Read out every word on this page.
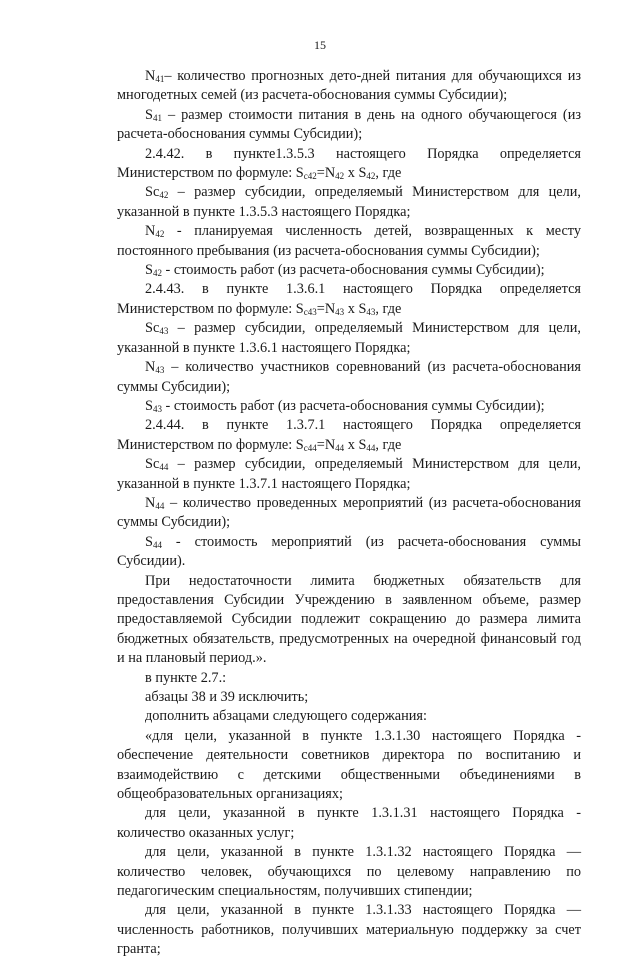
15

$N_{41}-$ количество прогнозных дето-дней питания для обучающихся из многодетных семей (из расчета-обоснования суммы Субсидии);

$S_{41}$ – размер стоимости питания в день на одного обучающегося (из расчета-обоснования суммы Субсидии);

2.4.42. в пункте1.3.5.3 настоящего Порядка определяется Министерством по формуле: $S_{c42}=N_{42}$ x $S_{42}$, где

$Sc_{42}$ – размер субсидии, определяемый Министерством для цели, указанной в пункте 1.3.5.3 настоящего Порядка;

$N_{42}$ - планируемая численность детей, возвращенных к месту постоянного пребывания (из расчета-обоснования суммы Субсидии);

$S_{42}$ - стоимость работ (из расчета-обоснования суммы Субсидии);

2.4.43. в пункте 1.3.6.1 настоящего Порядка определяется Министерством по формуле: $S_{c43}=N_{43}$ x $S_{43}$, где

$Sc_{43}$ – размер субсидии, определяемый Министерством для цели, указанной в пункте 1.3.6.1 настоящего Порядка;

$N_{43}$ – количество участников соревнований (из расчета-обоснования суммы Субсидии);

$S_{43}$ - стоимость работ (из расчета-обоснования суммы Субсидии);

2.4.44. в пункте 1.3.7.1 настоящего Порядка определяется Министерством по формуле: $S_{c44}=N_{44}$ x $S_{44}$, где

$Sc_{44}$ – размер субсидии, определяемый Министерством для цели, указанной в пункте 1.3.7.1 настоящего Порядка;

$N_{44}$ – количество проведенных мероприятий (из расчета-обоснования суммы Субсидии);

$S_{44}$ - стоимость мероприятий (из расчета-обоснования суммы Субсидии).

При недостаточности лимита бюджетных обязательств для предоставления Субсидии Учреждению в заявленном объеме, размер предоставляемой Субсидии подлежит сокращению до размера лимита бюджетных обязательств, предусмотренных на очередной финансовый год и на плановый период.».

в пункте 2.7.:

абзацы 38 и 39 исключить;

дополнить абзацами следующего содержания:

«для цели, указанной в пункте 1.3.1.30 настоящего Порядка - обеспечение деятельности советников директора по воспитанию и взаимодействию с детскими общественными объединениями в общеобразовательных организациях;

для цели, указанной в пункте 1.3.1.31 настоящего Порядка - количество оказанных услуг;

для цели, указанной в пункте 1.3.1.32 настоящего Порядка — количество человек, обучающихся по целевому направлению по педагогическим специальностям, получивших стипендии;

для цели, указанной в пункте 1.3.1.33 настоящего Порядка — численность работников, получивших материальную поддержку за счет гранта;
